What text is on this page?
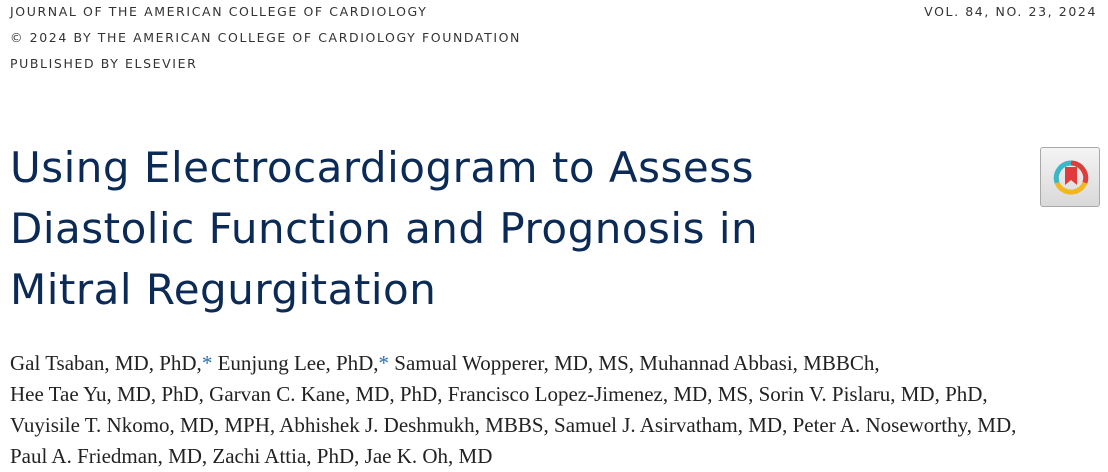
JOURNAL OF THE AMERICAN COLLEGE OF CARDIOLOGY
© 2024 BY THE AMERICAN COLLEGE OF CARDIOLOGY FOUNDATION
PUBLISHED BY ELSEVIER
VOL. 84, NO. 23, 2024
Using Electrocardiogram to Assess
Diastolic Function and Prognosis in
Mitral Regurgitation
Gal Tsaban, MD, PhD,* Eunjung Lee, PhD,* Samual Wopperer, MD, MS, Muhannad Abbasi, MBBCh,
Hee Tae Yu, MD, PhD, Garvan C. Kane, MD, PhD, Francisco Lopez-Jimenez, MD, MS, Sorin V. Pislaru, MD, PhD,
Vuyisile T. Nkomo, MD, MPH, Abhishek J. Deshmukh, MBBS, Samuel J. Asirvatham, MD, Peter A. Noseworthy, MD,
Paul A. Friedman, MD, Zachi Attia, PhD, Jae K. Oh, MD
